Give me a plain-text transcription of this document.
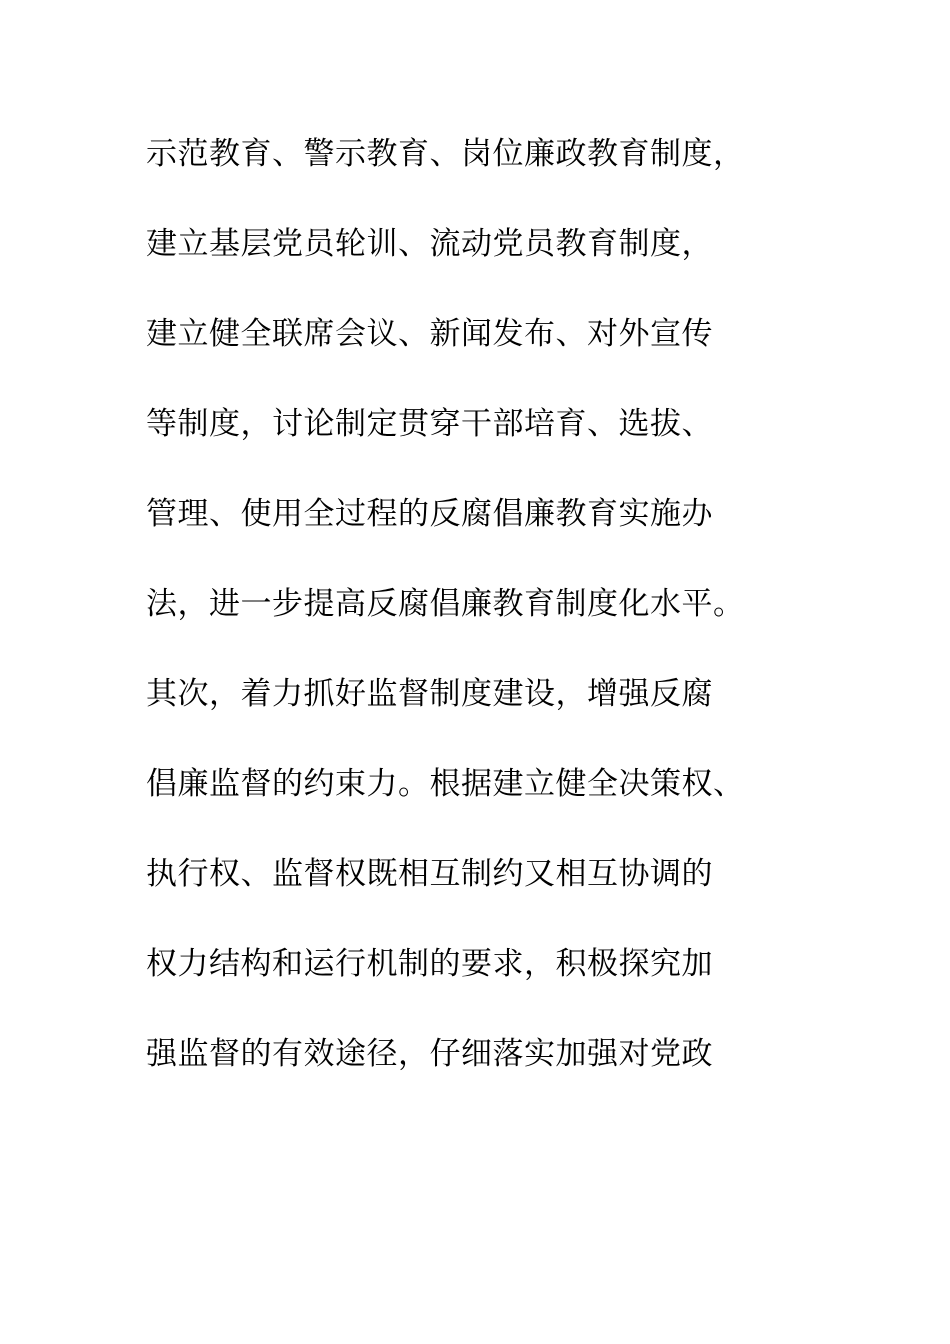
示范教育、警示教育、岗位廉政教育制度，
建立基层党员轮训、流动党员教育制度，
建立健全联席会议、新闻发布、对外宣传
等制度，讨论制定贯穿干部培育、选拔、
管理、使用全过程的反腐倡廉教育实施办
法，进一步提高反腐倡廉教育制度化水平。
其次，着力抓好监督制度建设，增强反腐
倡廉监督的约束力。根据建立健全决策权、
执行权、监督权既相互制约又相互协调的
权力结构和运行机制的要求，积极探究加
强监督的有效途径，仔细落实加强对党政
